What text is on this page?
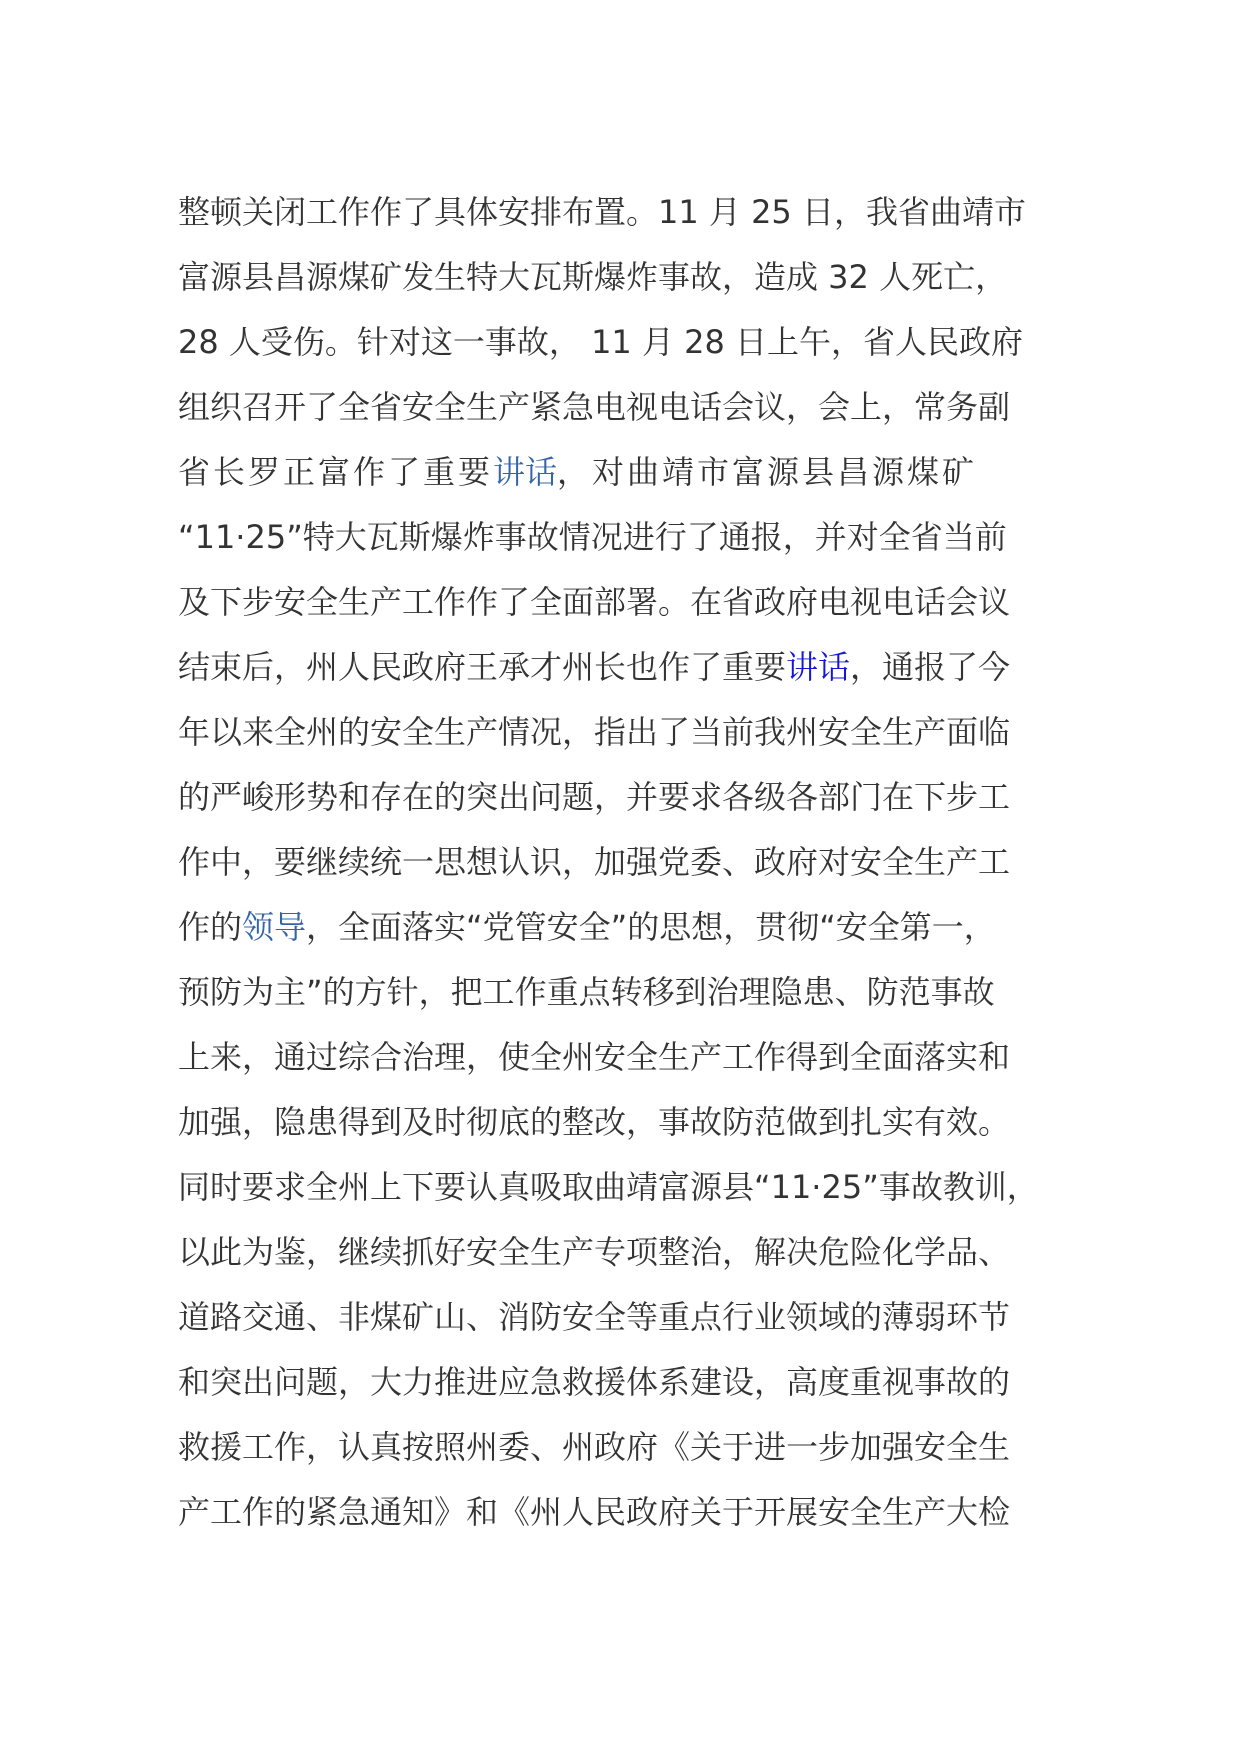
整顿关闭工作作了具体安排布置。11 月 25 日，我省曲靖市
富源县昌源煤矿发生特大瓦斯爆炸事故，造成 32 人死亡，
28 人受伤。针对这一事故， 11 月 28 日上午，省人民政府
组织召开了全省安全生产紧急电视电话会议，会上，常务副
省长罗正富作了重要讲话，对曲靖市富源县昌源煤矿
“11·25”特大瓦斯爆炸事故情况进行了通报，并对全省当前
及下步安全生产工作作了全面部署。在省政府电视电话会议
结束后，州人民政府王承才州长也作了重要讲话，通报了今
年以来全州的安全生产情况，指出了当前我州安全生产面临
的严峻形势和存在的突出问题，并要求各级各部门在下步工
作中，要继续统一思想认识，加强党委、政府对安全生产工
作的领导，全面落实“党管安全”的思想，贯彻“安全第一，
预防为主”的方针，把工作重点转移到治理隐患、防范事故
上来，通过综合治理，使全州安全生产工作得到全面落实和
加强，隐患得到及时彻底的整改，事故防范做到扎实有效。
同时要求全州上下要认真吸取曲靖富源县“11·25”事故教训，
以此为鉴，继续抓好安全生产专项整治，解决危险化学品、
道路交通、非煤矿山、消防安全等重点行业领域的薄弱环节
和突出问题，大力推进应急救援体系建设，高度重视事故的
救援工作，认真按照州委、州政府《关于进一步加强安全生
产工作的紧急通知》和《州人民政府关于开展安全生产大检
